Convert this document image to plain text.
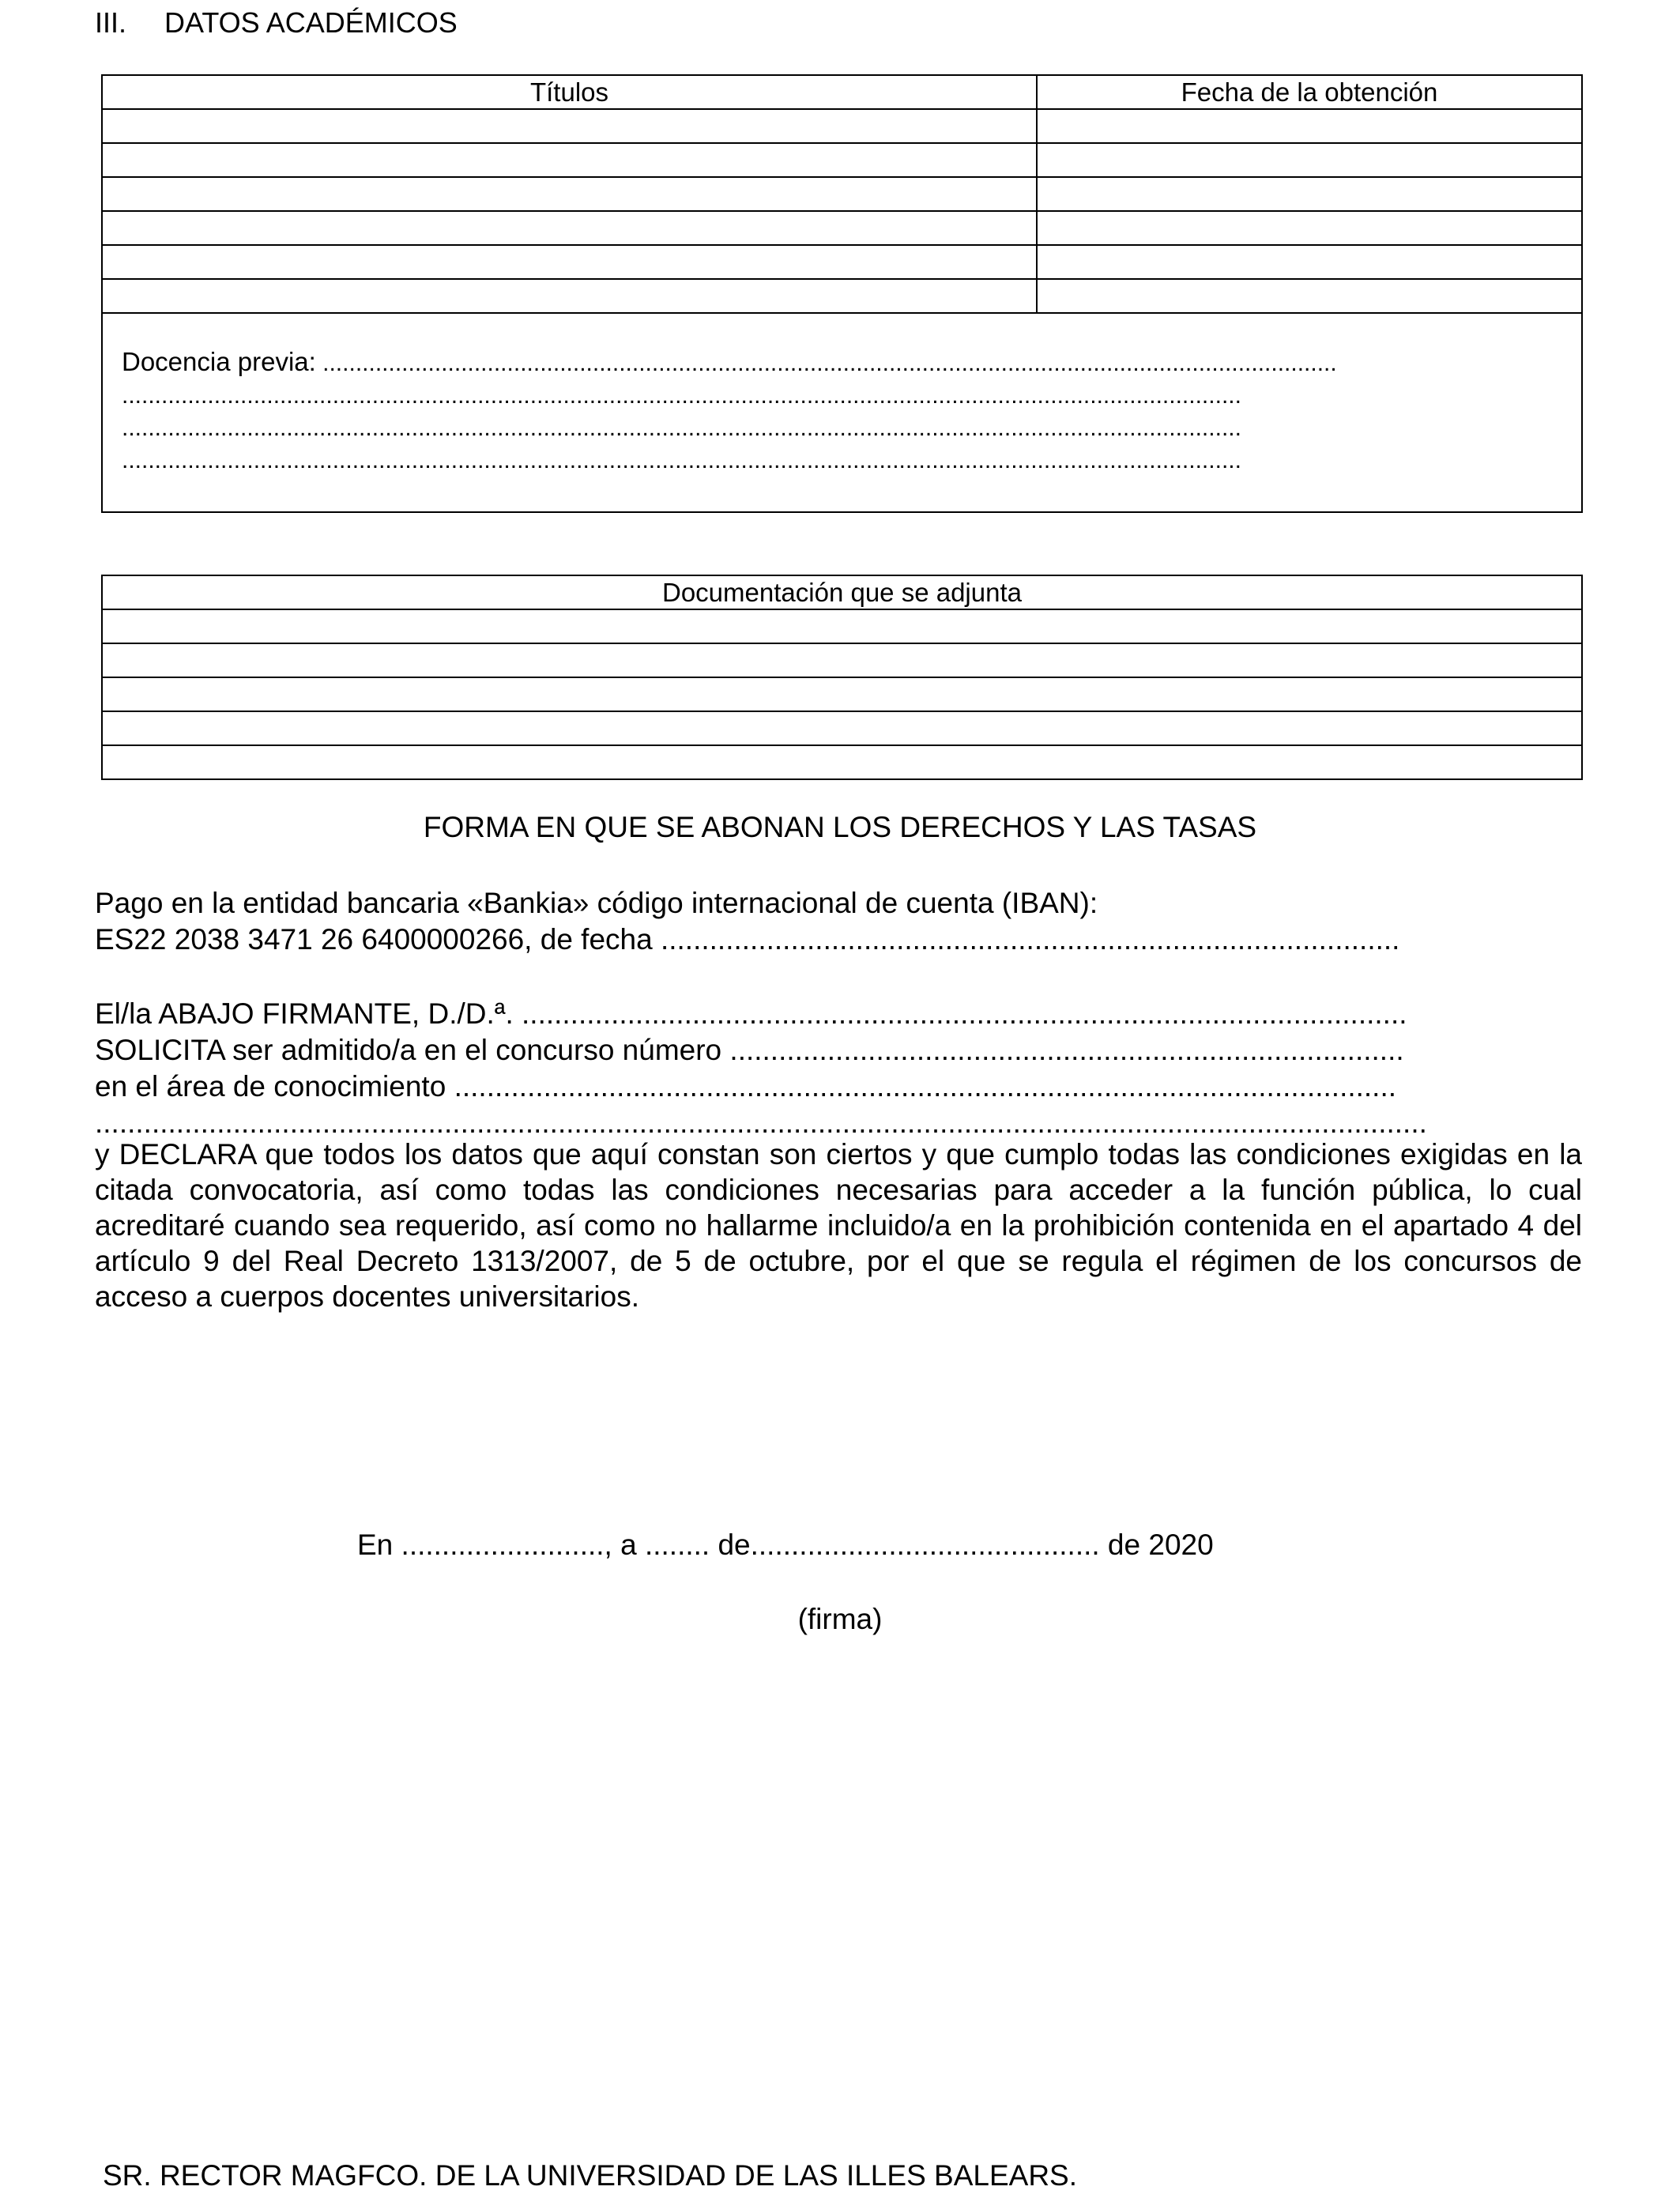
III. DATOS ACADÉMICOS
Títulos	Fecha de la obtención

Docencia previa: ..........................................................................................................................................................
..........................................................................................................................................................................
..........................................................................................................................................................................
..........................................................................................................................................................................	
Documentación que se adjunta

FORMA EN QUE SE ABONAN LOS DERECHOS Y LAS TASAS
Pago en la entidad bancaria «Bankia» código internacional de cuenta (IBAN):
ES22 2038 3471 26 6400000266, de fecha ...........................................................................................
El/la ABAJO FIRMANTE, D./D.ª. .............................................................................................................
SOLICITA ser admitido/a en el concurso número ...................................................................................
en el área de conocimiento ....................................................................................................................
....................................................................................................................................................................
y DECLARA que todos los datos que aquí constan son ciertos y que cumplo todas las condiciones exigidas en la citada convocatoria, así como todas las condiciones necesarias para acceder a la función pública, lo cual acreditaré cuando sea requerido, así como no hallarme incluido/a en la prohibición contenida en el apartado 4 del artículo 9 del Real Decreto 1313/2007, de 5 de octubre, por el que se regula el régimen de los concursos de acceso a cuerpos docentes universitarios.
En ........................., a ........ de........................................... de 2020
(firma)
SR. RECTOR MAGFCO. DE LA UNIVERSIDAD DE LAS ILLES BALEARS.
